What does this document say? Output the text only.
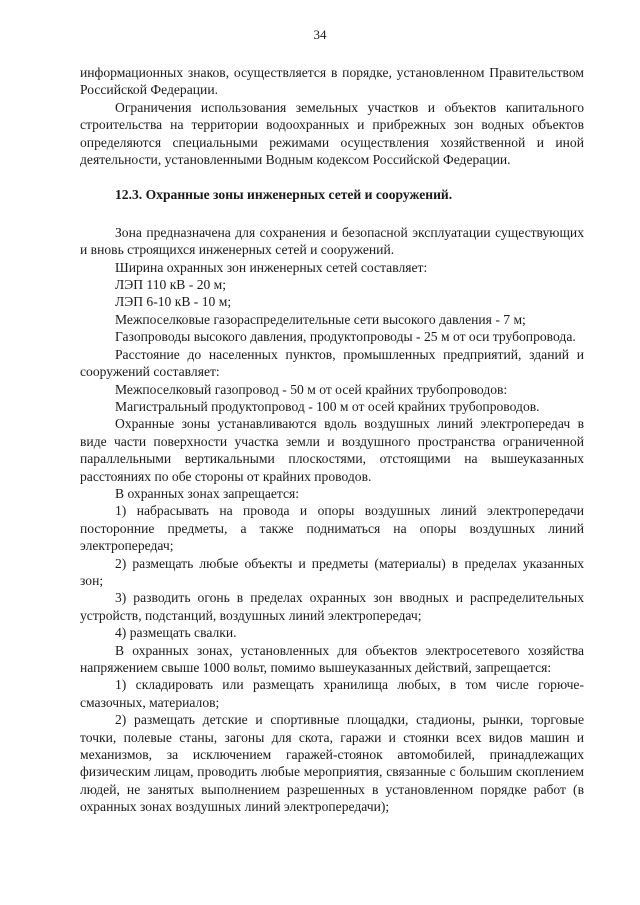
34

информационных знаков, осуществляется в порядке, установленном Правительством Российской Федерации.

Ограничения использования земельных участков и объектов капитального строительства на территории водоохранных и прибрежных зон водных объектов определяются специальными режимами осуществления хозяйственной и иной деятельности, установленными Водным кодексом Российской Федерации.

12.3. Охранные зоны инженерных сетей и сооружений.

Зона предназначена для сохранения и безопасной эксплуатации существующих и вновь строящихся инженерных сетей и сооружений.

Ширина охранных зон инженерных сетей составляет:

ЛЭП 110 кВ - 20 м;

ЛЭП 6-10 кВ - 10 м;

Межпоселковые газораспределительные сети высокого давления - 7 м;

Газопроводы высокого давления, продуктопроводы - 25 м от оси трубопровода.

Расстояние до населенных пунктов, промышленных предприятий, зданий и сооружений составляет:

Межпоселковый газопровод - 50 м от осей крайних трубопроводов:

Магистральный продуктопровод - 100 м от осей крайних трубопроводов.

Охранные зоны устанавливаются вдоль воздушных линий электропередач в виде части поверхности участка земли и воздушного пространства ограниченной параллельными вертикальными плоскостями, отстоящими на вышеуказанных расстояниях по обе стороны от крайних проводов.

В охранных зонах запрещается:

1) набрасывать на провода и опоры воздушных линий электропередачи посторонние предметы, а также подниматься на опоры воздушных линий электропередач;

2) размещать любые объекты и предметы (материалы) в пределах указанных зон;

3) разводить огонь в пределах охранных зон вводных и распределительных устройств, подстанций, воздушных линий электропередач;

4) размещать свалки.

В охранных зонах, установленных для объектов электросетевого хозяйства напряжением свыше 1000 вольт, помимо вышеуказанных действий, запрещается:

1) складировать или размещать хранилища любых, в том числе горюче-смазочных, материалов;

2) размещать детские и спортивные площадки, стадионы, рынки, торговые точки, полевые станы, загоны для скота, гаражи и стоянки всех видов машин и механизмов, за исключением гаражей-стоянок автомобилей, принадлежащих физическим лицам, проводить любые мероприятия, связанные с большим скоплением людей, не занятых выполнением разрешенных в установленном порядке работ (в охранных зонах воздушных линий электропередачи);
